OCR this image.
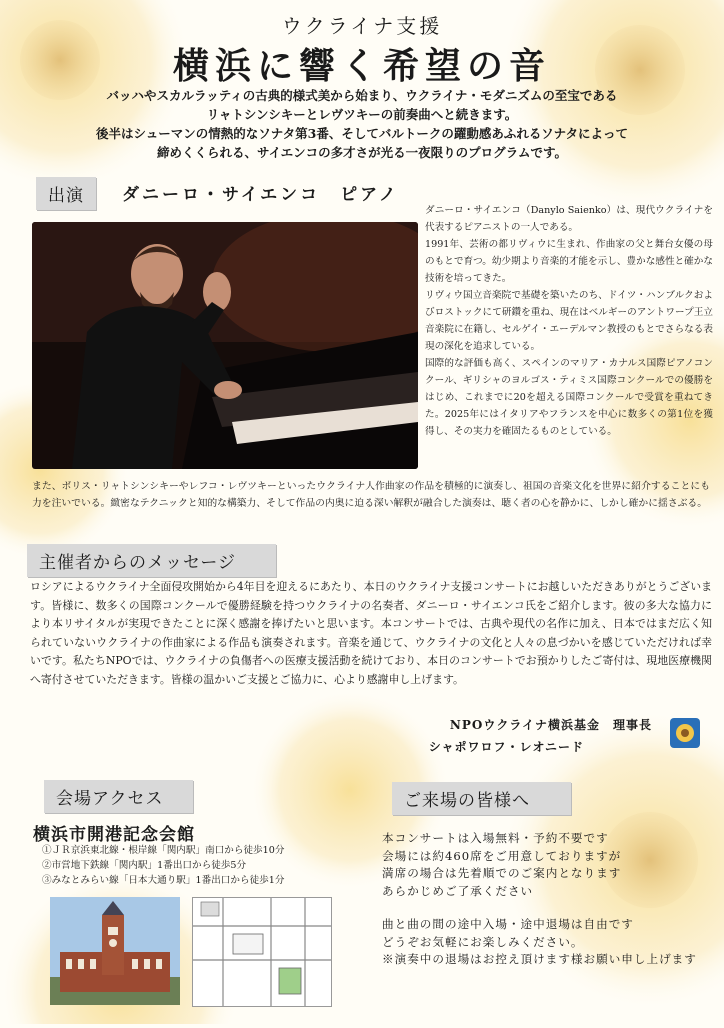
ウクライナ支援
横浜に響く希望の音
バッハやスカルラッティの古典的様式美から始まり、ウクライナ・モダニズムの至宝である
リャトシンシキーとレヴツキーの前奏曲へと続きます。
後半はシューマンの情熱的なソナタ第3番、そしてバルトークの躍動感あふれるソナタによって
締めくくられる、サイエンコの多才さが光る一夜限りのプログラムです。
出演	ダニーロ・サイエンコ　ピアノ

ダニーロ・サイエンコ（Danylo Saienko）は、現代ウクライナを代表するピアニストの一人である。

1991年、芸術の都リヴィウに生まれ、作曲家の父と舞台女優の母のもとで育つ。幼少期より音楽的才能を示し、豊かな感性と確かな技術を培ってきた。

リヴィウ国立音楽院で基礎を築いたのち、ドイツ・ハンブルクおよびロストックにて研鑽を重ね、現在はベルギーのアントワープ王立音楽院に在籍し、セルゲイ・エーデルマン教授のもとでさらなる表現の深化を追求している。

国際的な評価も高く、スペインのマリア・カナルス国際ピアノコンクール、ギリシャのヨルゴス・ティミス国際コンクールでの優勝をはじめ、これまでに20を超える国際コンクールで受賞を重ねてきた。2025年にはイタリアやフランスを中心に数多くの第1位を獲得し、その実力を確固たるものとしている。

また、ボリス・リャトシンシキーやレフコ・レヴツキーといったウクライナ人作曲家の作品を積極的に演奏し、祖国の音楽文化を世界に紹介することにも力を注いでいる。緻密なテクニックと知的な構築力、そして作品の内奥に迫る深い解釈が融合した演奏は、聴く者の心を静かに、しかし確かに揺さぶる。
主催者からのメッセージ
ロシアによるウクライナ全面侵攻開始から4年目を迎えるにあたり、本日のウクライナ支援コンサートにお越しいただきありがとうございます。皆様に、数多くの国際コンクールで優勝経験を持つウクライナの名奏者、ダニーロ・サイエンコ氏をご紹介します。彼の多大な協力により本リサイタルが実現できたことに深く感謝を捧げたいと思います。本コンサートでは、古典や現代の名作に加え、日本ではまだ広く知られていないウクライナの作曲家による作品も演奏されます。音楽を通じて、ウクライナの文化と人々の息づかいを感じていただければ幸いです。私たちNPOでは、ウクライナの負傷者への医療支援活動を続けており、本日のコンサートでお預かりしたご寄付は、現地医療機関へ寄付させていただきます。皆様の温かいご支援とご協力に、心より感謝申し上げます。
NPOウクライナ横浜基金　理事長
シャポワロフ・レオニード
会場アクセス
横浜市開港記念会館
①ＪＲ京浜東北線・根岸線「関内駅」南口から徒歩10分
②市営地下鉄線「関内駅」1番出口から徒歩5分
③みなとみらい線「日本大通り駅」1番出口から徒歩1分
ご来場の皆様へ
本コンサートは入場無料・予約不要です
会場には約460席をご用意しておりますが
満席の場合は先着順でのご案内となります
あらかじめご了承ください
曲と曲の間の途中入場・途中退場は自由です
どうぞお気軽にお楽しみください。
※演奏中の退場はお控え頂けます様お願い申し上げます
